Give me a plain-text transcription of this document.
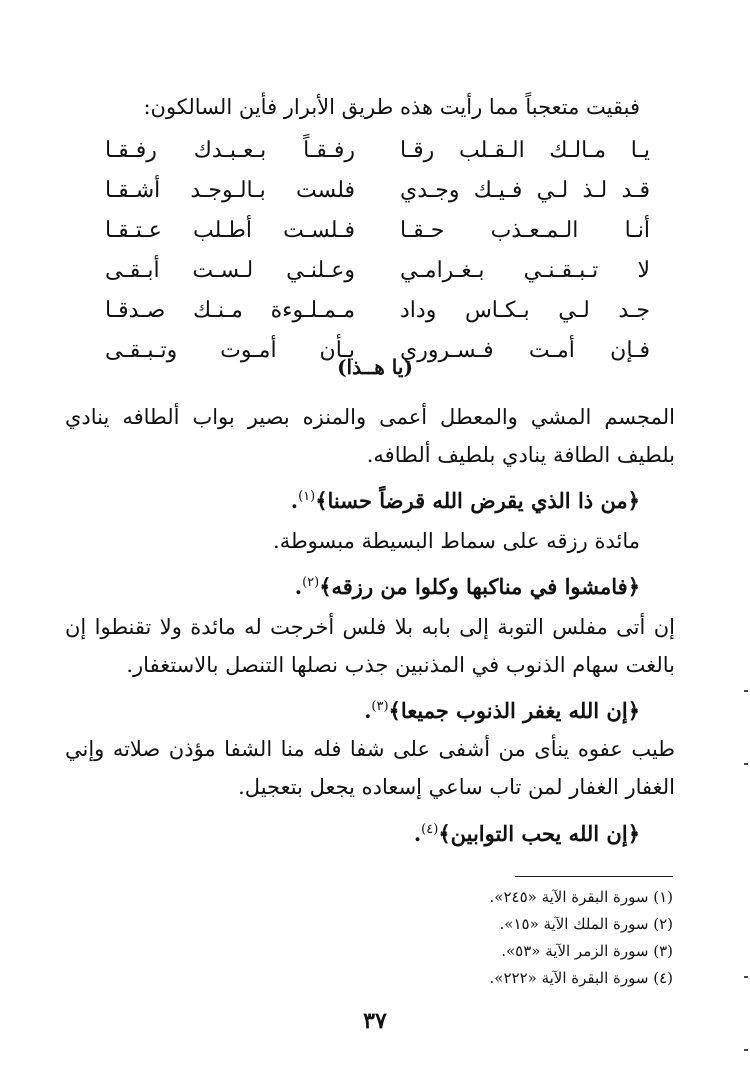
فبقيت متعجباً مما رأيت هذه طريق الأبرار فأين السالكون:
يـا مـالـك الـقـلب رقـا
رفـقـاً بـعـبـدك رفـقـا
قـد لـذ لـي فـيـك وجـدي
فلست بـالـوجـد أشـقـا
أنـا الـمـعـذب حـقـا
فـلسـت أطـلب عـتـقـا
لا تـبـقـنـي بـغـرامـي
وعـلنـي لـسـت أبـقـى
جـد لـي بـكـاس وداد
مـمـلـوءة مـنـك صـدقـا
فـإن أمـت فـسـروري
بـأن أمـوت وتـبـقـى
(يا هــذا)
المجسم المشي والمعطل أعمى والمنزه بصير بواب ألطافه ينادي بلطيف الطافة ينادي بلطيف ألطافه.
﴿من ذا الذي يقرض الله قرضاً حسنا﴾$^{(١)}$.
مائدة رزقه على سماط البسيطة مبسوطة.
﴿فامشوا في مناكبها وكلوا من رزقه﴾$^{(٢)}$.
إن أتى مفلس التوبة إلى بابه بلا فلس أخرجت له مائدة ولا تقنطوا إن بالغت سهام الذنوب في المذنبين جذب نصلها التنصل بالاستغفار.
﴿إن الله يغفر الذنوب جميعا﴾$^{(٣)}$.
طيب عفوه ينأى من أشفى على شفا فله منا الشفا مؤذن صلاته وإني الغفار الغفار لمن تاب ساعي إسعاده يجعل بتعجيل.
﴿إن الله يحب التوابين﴾$^{(٤)}$.
(١) سورة البقرة الآية «٢٤٥».
(٢) سورة الملك الآية «١٥».
(٣) سورة الزمر الآية «٥٣».
(٤) سورة البقرة الآية «٢٢٢».
٣٧
